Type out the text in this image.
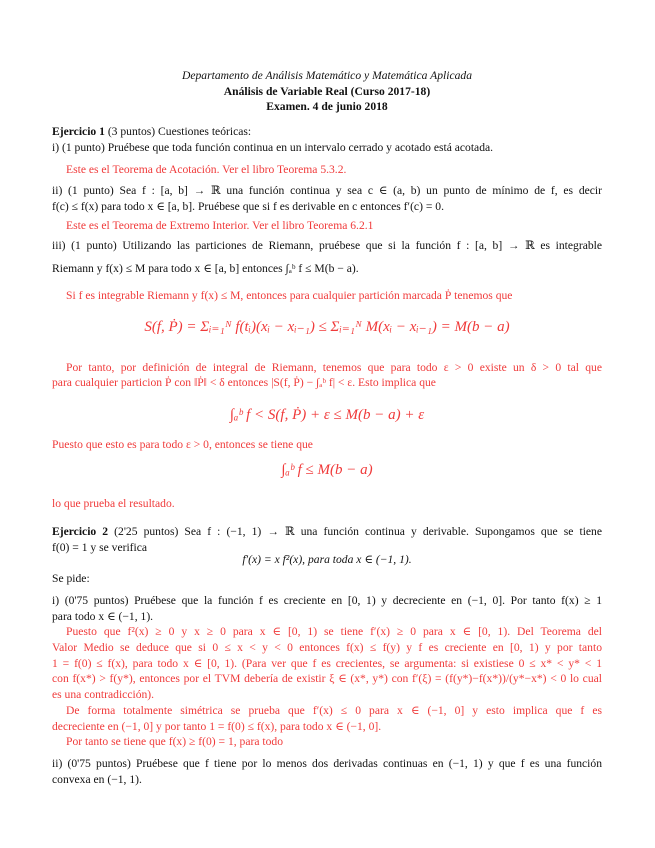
Departamento de Análisis Matemático y Matemática Aplicada
Análisis de Variable Real (Curso 2017-18)
Examen. 4 de junio 2018
Ejercicio 1 (3 puntos) Cuestiones teóricas:
i) (1 punto) Pruébese que toda función continua en un intervalo cerrado y acotado está acotada.
Este es el Teorema de Acotación. Ver el libro Teorema 5.3.2.
ii) (1 punto) Sea f : [a, b] → ℝ una función continua y sea c ∈ (a, b) un punto de mínimo de f, es decir
f(c) ≤ f(x) para todo x ∈ [a, b]. Pruébese que si f es derivable en c entonces f′(c) = 0.
Este es el Teorema de Extremo Interior. Ver el libro Teorema 6.2.1
iii) (1 punto) Utilizando las particiones de Riemann, pruébese que si la función f : [a, b] → ℝ es integrable
Riemann y f(x) ≤ M para todo x ∈ [a, b] entonces ∫ₐᵇ f ≤ M(b − a).
Si f es integrable Riemann y f(x) ≤ M, entonces para cualquier partición marcada Ṗ tenemos que
S(f, Ṗ) = Σᵢ₌₁ᴺ f(tᵢ)(xᵢ − xᵢ₋₁) ≤ Σᵢ₌₁ᴺ M(xᵢ − xᵢ₋₁) = M(b − a)
Por tanto, por definición de integral de Riemann, tenemos que para todo ε > 0 existe un δ > 0 tal que
para cualquier particion Ṗ con ‖Ṗ‖ < δ entonces |S(f, Ṗ) − ∫ₐᵇ f| < ε. Esto implica que
∫ₐᵇ f < S(f, Ṗ) + ε ≤ M(b − a) + ε
Puesto que esto es para todo ε > 0, entonces se tiene que
∫ₐᵇ f ≤ M(b − a)
lo que prueba el resultado.
Ejercicio 2 (2'25 puntos) Sea f : (−1, 1) → ℝ una función continua y derivable. Supongamos que se tiene
f(0) = 1 y se verifica
f′(x) = x f²(x), para toda x ∈ (−1, 1).
Se pide:
i) (0'75 puntos) Pruébese que la función f es creciente en [0, 1) y decreciente en (−1, 0]. Por tanto f(x) ≥ 1
para todo x ∈ (−1, 1).
Puesto que f²(x) ≥ 0 y x ≥ 0 para x ∈ [0, 1) se tiene f′(x) ≥ 0 para x ∈ [0, 1). Del Teorema del
Valor Medio se deduce que si 0 ≤ x < y < 0 entonces f(x) ≤ f(y) y f es creciente en [0, 1) y por tanto
1 = f(0) ≤ f(x), para todo x ∈ [0, 1). (Para ver que f es crecientes, se argumenta: si existiese 0 ≤ x* < y* < 1
con f(x*) > f(y*), entonces por el TVM debería de existir ξ ∈ (x*, y*) con f′(ξ) = (f(y*)−f(x*))/(y*−x*) < 0 lo cual
es una contradicción).
De forma totalmente simétrica se prueba que f′(x) ≤ 0 para x ∈ (−1, 0] y esto implica que f es
decreciente en (−1, 0] y por tanto 1 = f(0) ≤ f(x), para todo x ∈ (−1, 0].
Por tanto se tiene que f(x) ≥ f(0) = 1, para todo
ii) (0'75 puntos) Pruébese que f tiene por lo menos dos derivadas continuas en (−1, 1) y que f es una función
convexa en (−1, 1).
